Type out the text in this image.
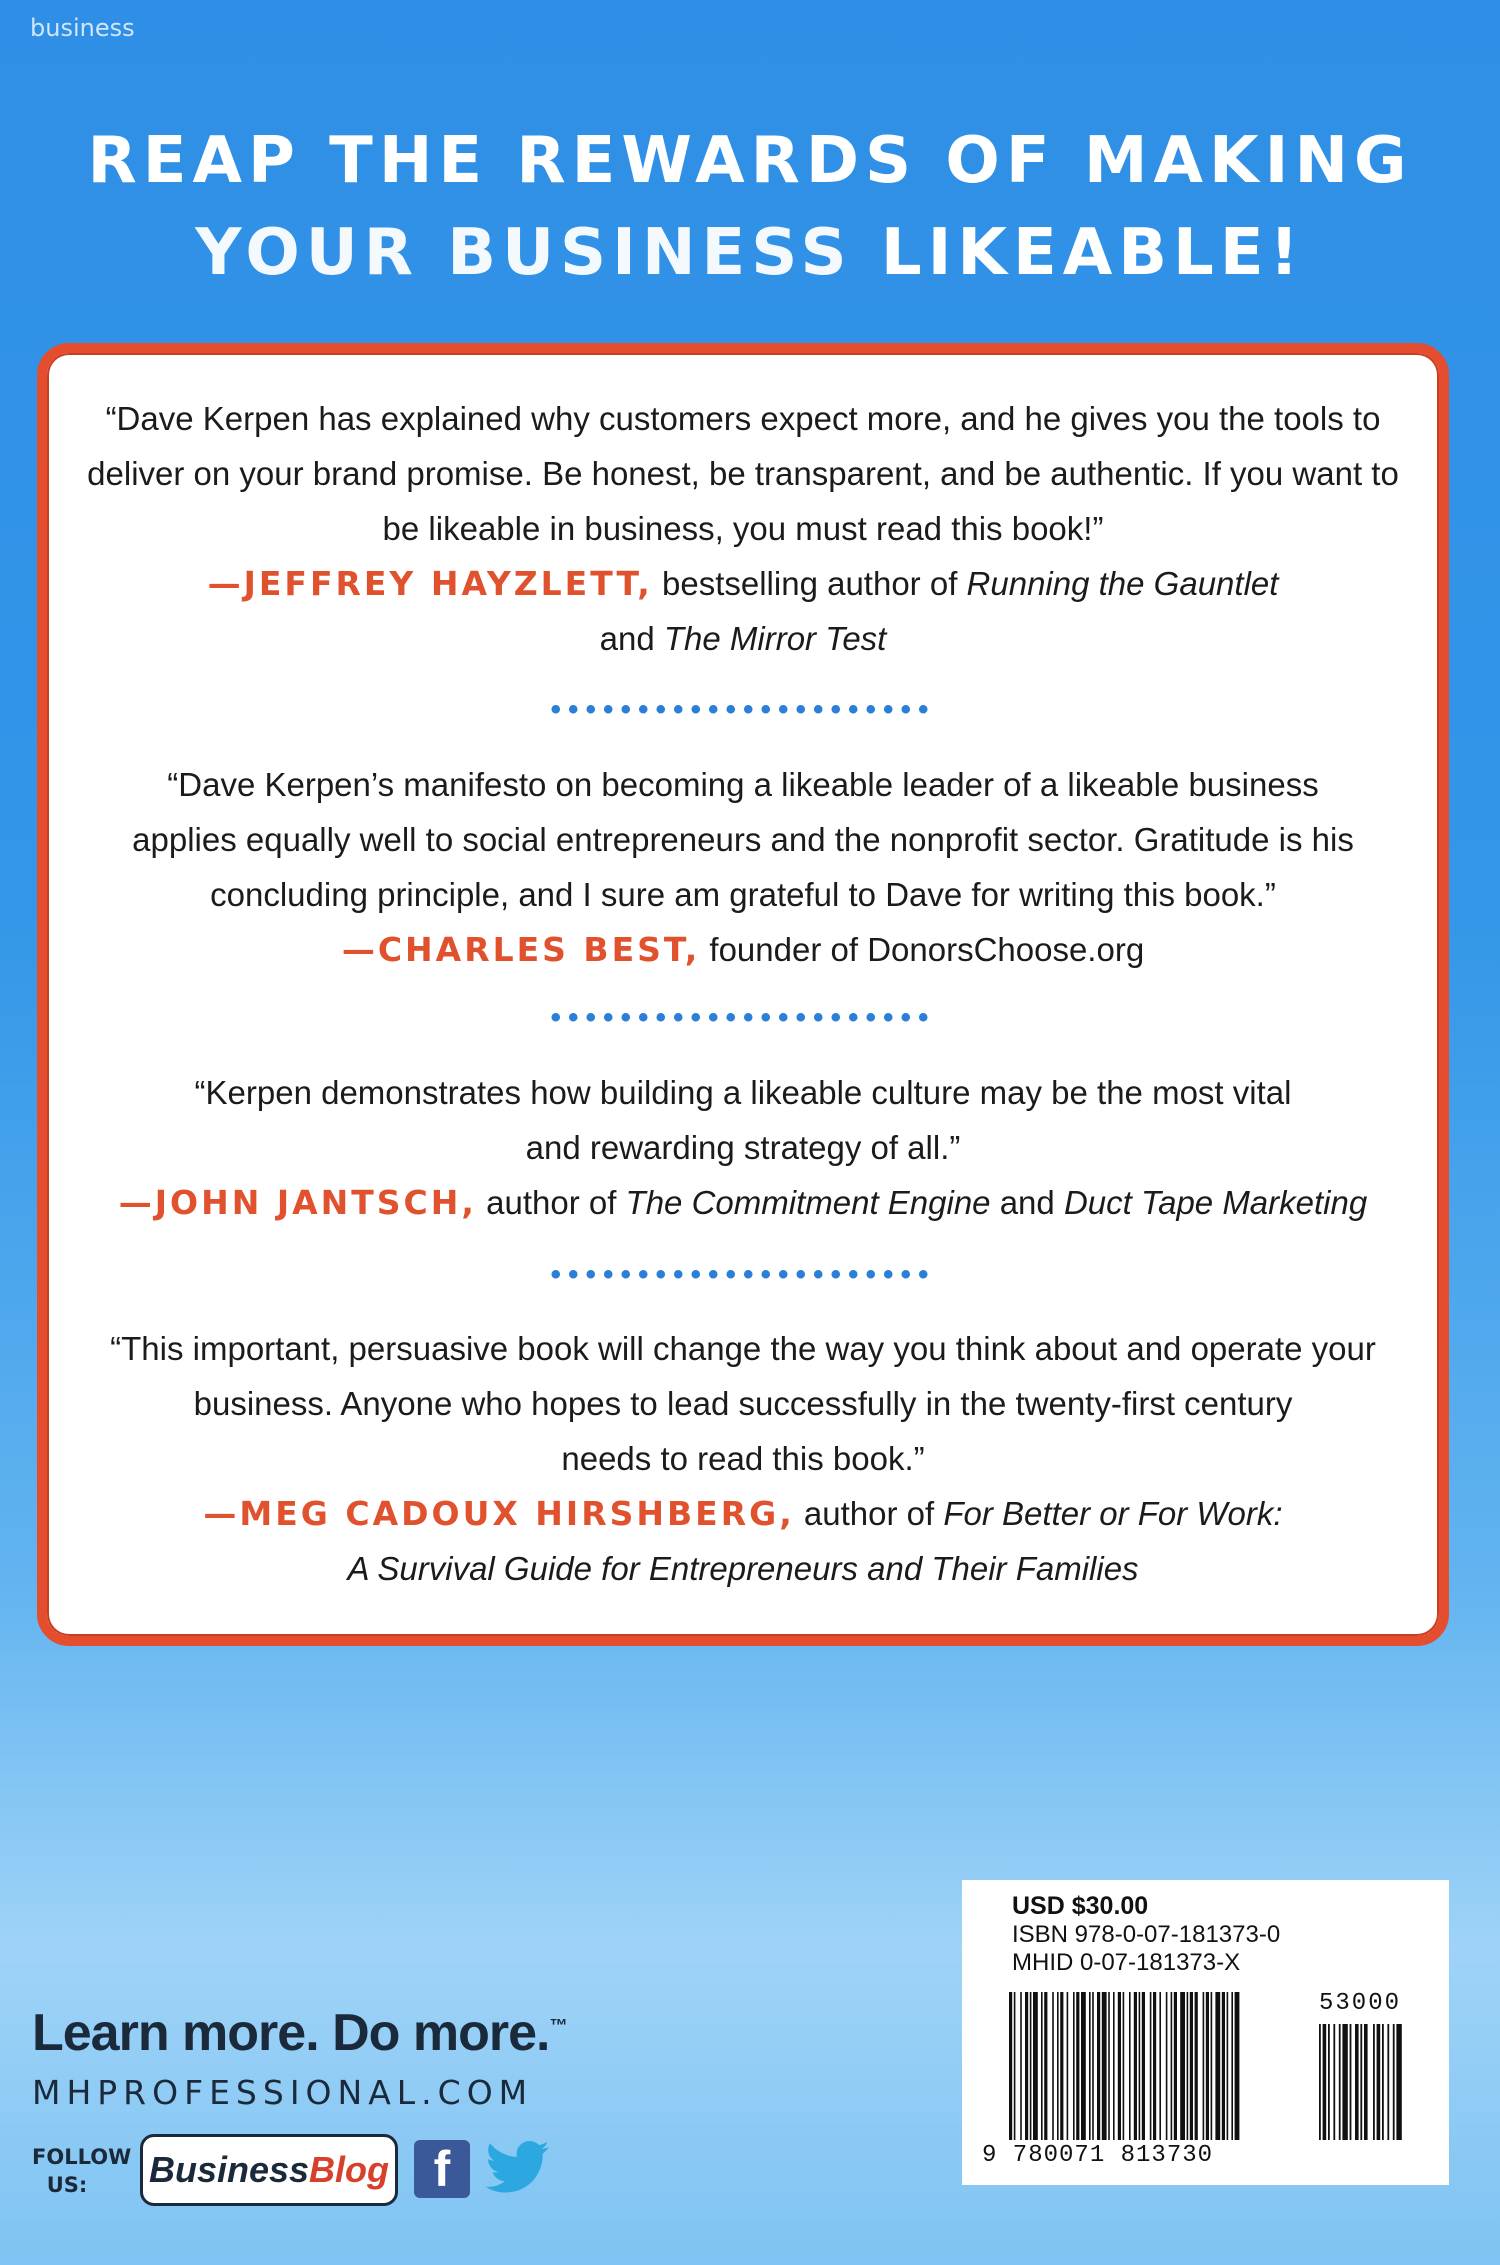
business
REAP THE REWARDS OF MAKING
YOUR BUSINESS LIKEABLE!

“Dave Kerpen has explained why customers expect more, and he gives you the tools to

deliver on your brand promise. Be honest, be transparent, and be authentic. If you want to

be likeable in business, you must read this book!”

—JEFFREY HAYZLETT, bestselling author of Running the Gauntlet

and The Mirror Test

••••••••••••••••••••••

“Dave Kerpen’s manifesto on becoming a likeable leader of a likeable business

applies equally well to social entrepreneurs and the nonprofit sector. Gratitude is his

concluding principle, and I sure am grateful to Dave for writing this book.”

—CHARLES BEST, founder of DonorsChoose.org

••••••••••••••••••••••

“Kerpen demonstrates how building a likeable culture may be the most vital

and rewarding strategy of all.”

—JOHN JANTSCH, author of The Commitment Engine and Duct Tape Marketing

••••••••••••••••••••••

“This important, persuasive book will change the way you think about and operate your

business. Anyone who hopes to lead successfully in the twenty-first century

needs to read this book.”

—MEG CADOUX HIRSHBERG, author of For Better or For Work:

A Survival Guide for Entrepreneurs and Their Families

Learn more. Do more.™
MHPROFESSIONAL.COM
FOLLOW
US:	Business Blog f
USD $30.00
ISBN 978-0-07-181373-0
MHID 0-07-181373-X
53000
9 780071 813730
